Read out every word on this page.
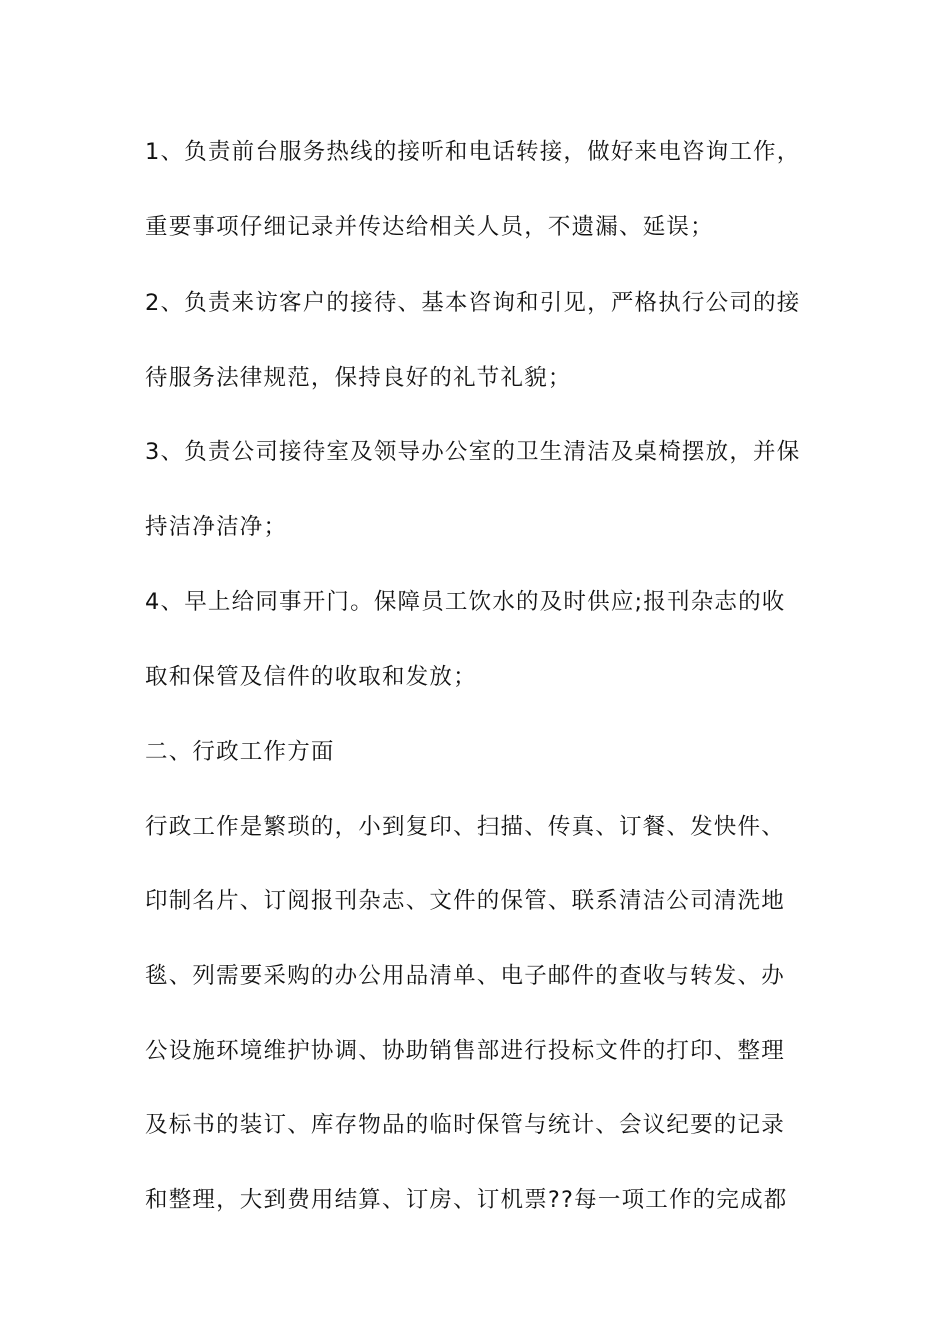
1、负责前台服务热线的接听和电话转接，做好来电咨询工作，
重要事项仔细记录并传达给相关人员，不遗漏、延误；
2、负责来访客户的接待、基本咨询和引见，严格执行公司的接
待服务法律规范，保持良好的礼节礼貌；
3、负责公司接待室及领导办公室的卫生清洁及桌椅摆放，并保
持洁净洁净；
4、早上给同事开门。保障员工饮水的及时供应;报刊杂志的收
取和保管及信件的收取和发放；
二、行政工作方面
行政工作是繁琐的，小到复印、扫描、传真、订餐、发快件、
印制名片、订阅报刊杂志、文件的保管、联系清洁公司清洗地
毯、列需要采购的办公用品清单、电子邮件的查收与转发、办
公设施环境维护协调、协助销售部进行投标文件的打印、整理
及标书的装订、库存物品的临时保管与统计、会议纪要的记录
和整理，大到费用结算、订房、订机票??每一项工作的完成都
